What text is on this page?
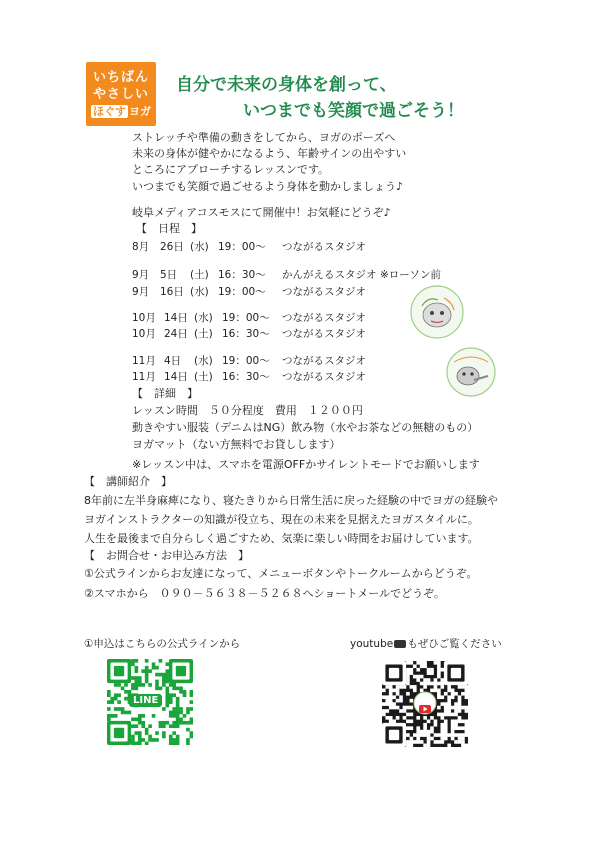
いちばん
やさしい
ほぐす ヨガ
自分で未来の身体を創って、
いつまでも笑顔で過ごそう！
ストレッチや準備の動きをしてから、ヨガのポーズへ
未来の身体が健やかになるよう、年齢サインの出やすい
ところにアプローチするレッスンです。
いつまでも笑顔で過ごせるよう身体を動かしましょう♪
岐阜メディアコスモスにて開催中！お気軽にどうぞ♪
【　日程　】
8月 26日 (水) 19：00～ つながるスタジオ
9月 5日 (土) 16：30～ かんがえるスタジオ ※ローソン前
9月 16日 (水) 19：00～ つながるスタジオ
10月 14日 (水) 19：00～ つながるスタジオ
10月 24日 (土) 16：30～ つながるスタジオ
11月 4日 (水) 19：00～ つながるスタジオ
11月 14日 (土) 16：30～ つながるスタジオ
【　詳細　】
レッスン時間　５０分程度　費用　１２００円
動きやすい服装（デニムはNG）飲み物（水やお茶などの無糖のもの）
ヨガマット（ない方無料でお貸しします）
※レッスン中は、スマホを電源OFFかサイレントモードでお願いします
【　講師紹介　】
8年前に左半身麻痺になり、寝たきりから日常生活に戻った経験の中でヨガの経験や
ヨガインストラクターの知識が役立ち、現在の未来を見据えたヨガスタイルに。
人生を最後まで自分らしく過ごすため、気楽に楽しい時間をお届けしています。
【　お問合せ・お申込み方法　】
①公式ラインからお友達になって、メニューボタンやトークルームからどうぞ。
②スマホから　０９０－５６３８－５２６８へショートメールでどうぞ。
①申込はこちらの公式ラインから	youtube もぜひご覧ください
LINE
